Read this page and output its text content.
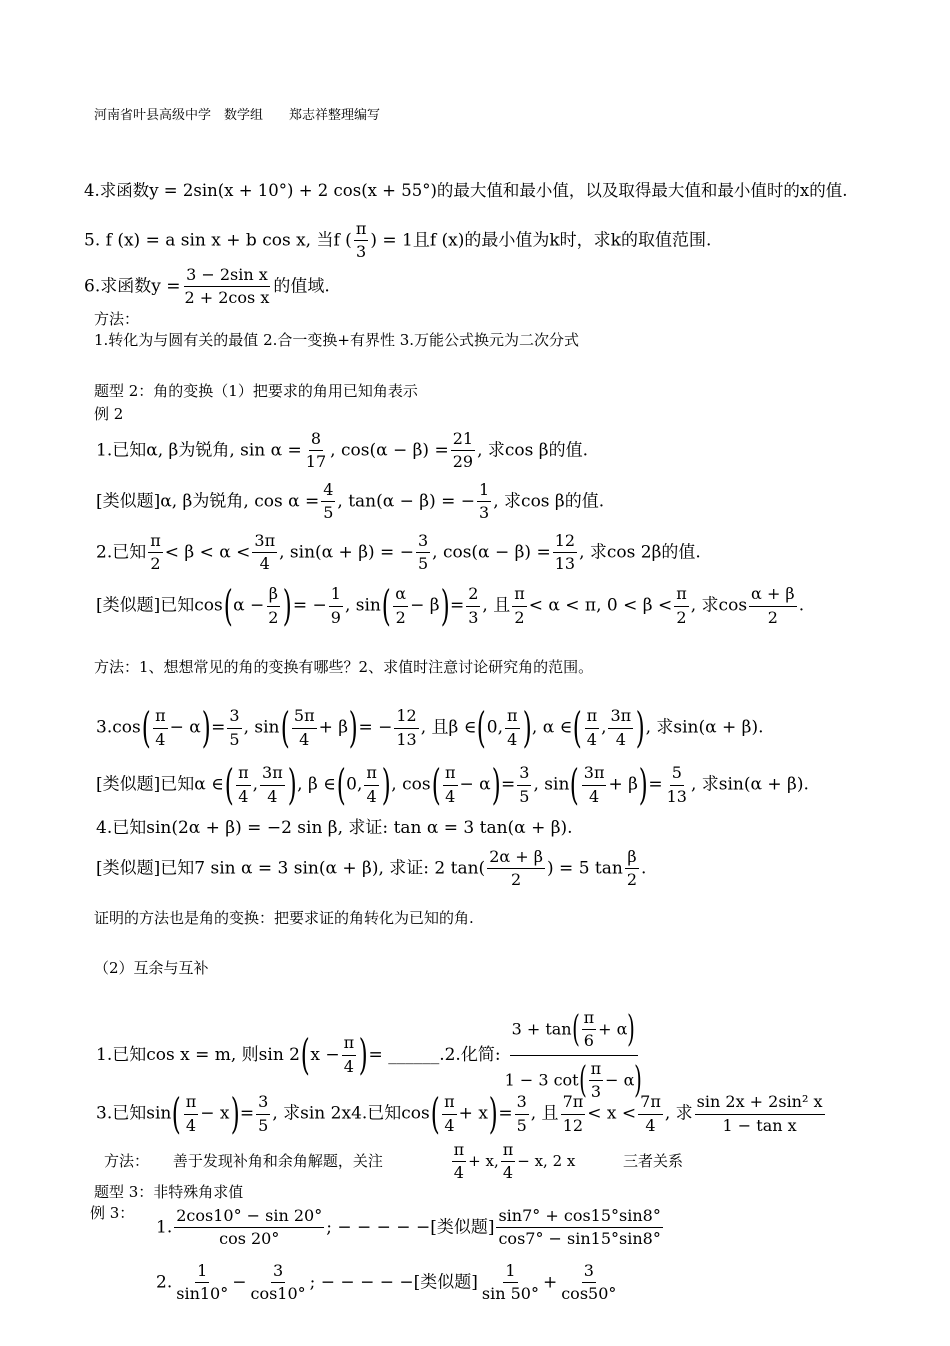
河南省叶县高级中学　数学组　　郑志祥整理编写
4.求函数y = 2sin(x + 10°) + 2 cos(x + 55°)的最大值和最小值，以及取得最大值和最小值时的x的值.
5. f (x) = a sin x + b cos x, 当f ( $\frac{\pi}{3}$ ) = 1且f (x)的最小值为k时，求k的取值范围.
6.求函数$y = \frac{\text{3 − 2sin x}}{\text{2 + 2cos x}}$ 的值域.
方法：
1.转化为与圆有关的最值 2.合一变换+有界性 3.万能公式换元为二次分式
题型 2：角的变换（1）把要求的角用已知角表示
例 2
1.已知α, β为锐角, $\sin \alpha = \frac{8}{17}$ , $\cos(\alpha - \beta) = \frac{21}{29}$ , 求cos β的值.
[类似题]α, β为锐角, $\cos \alpha = \frac{4}{5}$ , tan(α − β) = − $\frac{1}{3}$ , 求cos β的值.
2.已知 $\frac{\pi}{2} < \beta < \alpha < \frac{3\pi}{4}$ , sin(α + β) = − $\frac{3}{5}$ , $\cos(\alpha - \beta) = \frac{12}{13}$ , 求cos 2β的值.
[类似题]已知$\cos(\alpha - \frac{\beta}{2}$ )= − $\frac{1}{9}$ , $\sin( \frac{\alpha}{2} - \beta)= \frac{2}{3}$ , 且 $\frac{\pi}{2} < \alpha < \pi$, $0 < \beta < \frac{\pi}{2}$ , 求$\cos \frac{\alpha + \beta}{2}$ .
方法：1、想想常见的角的变换有哪些？2、求值时注意讨论研究角的范围。
$3.\cos( \frac{\pi}{4} - \alpha)= \frac{3}{5}$ , $\sin( \frac{5\pi}{4} + \beta)= - \frac{12}{13}$ , 且β ∈(0, $\frac{\pi}{4}$ ), α ∈( $\frac{\pi}{4}$ , $\frac{3\pi}{4}$ ), 求sin(α + β).
[类似题]已知α ∈( $\frac{\pi}{4}$ , $\frac{3\pi}{4}$ ), β ∈(0, $\frac{\pi}{4}$ ), $\cos( \frac{\pi}{4} - \alpha)= \frac{3}{5}$ , $\sin( \frac{3\pi}{4} + \beta)= \frac{5}{13}$ , 求sin(α + β).
4.已知sin(2α + β) = −2 sin β, 求证: tan α = 3 tan(α + β).
[类似题]已知7 sin α = 3 sin(α + β), 求证: 2 $\tan( \frac{2\alpha + \beta}{2}$ ) = 5 $\tan \frac{\beta}{2}$ .
证明的方法也是角的变换：把要求证的角转化为已知的角.
（2）互余与互补
1.已知cos x = m, 则$\sin 2(x - \frac{\pi}{4}$ )= ______.2.化简: $\frac{3 + \tan( \frac{\pi}{6} + \alpha)}{1 - 3 \cot( \frac{\pi}{3} - \alpha)}$
3.已知$\sin( \frac{\pi}{4} - x)= \frac{3}{5}$ , 求sin 2x4.已知$\cos( \frac{\pi}{4} + x)= \frac{3}{5}$ , 且 $\frac{7\pi}{12} < x < \frac{7\pi}{4}$ , 求 $\frac{\text{sin 2x + 2sin² x}}{\text{1 − tan x}}$
方法： 善于发现补角和余角解题，关注	$\frac{\pi}{4} + x$, $\frac{\pi}{4} - x$, 2 x	三者关系
题型 3：非特殊角求值
例 3：
1. $\frac{2\cos 10^\circ - \sin 20^\circ}{\cos 20^\circ}$ ; − − − − −[类似题] $\frac{\sin 7^\circ + \cos 15^\circ\sin 8^\circ}{\cos 7^\circ - \sin 15^\circ\sin 8^\circ}$
2. $\frac{1}{\sin 10^\circ} - \frac{3}{\cos 10^\circ}$ ; − − − − −[类似题] $\frac{1}{\sin 50^\circ} + \frac{3}{\cos 50^\circ}$
